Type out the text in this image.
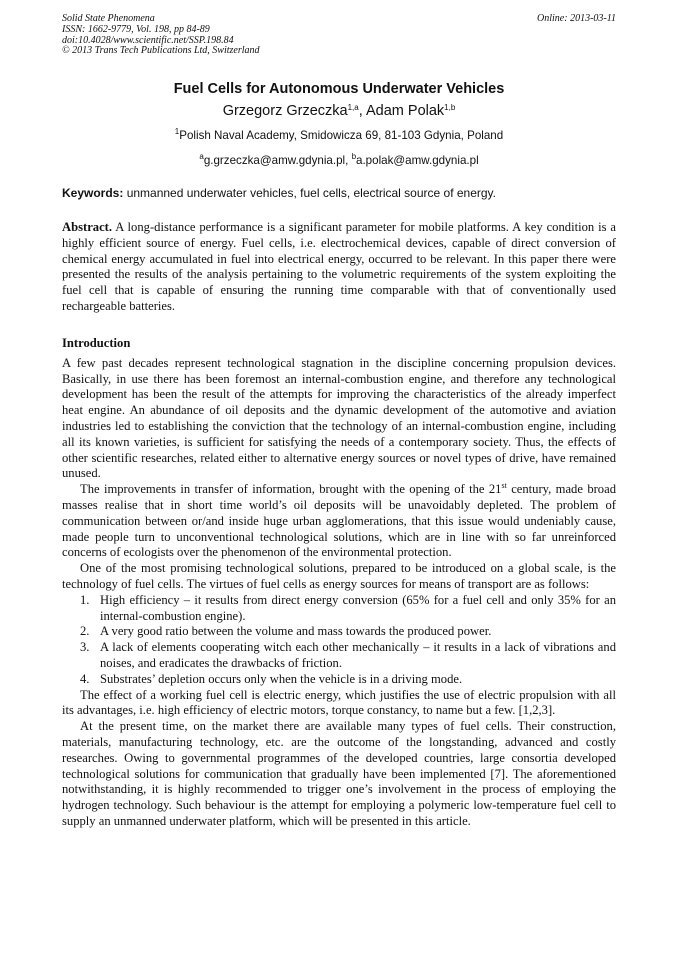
Solid State Phenomena
ISSN: 1662-9779, Vol. 198, pp 84-89
doi:10.4028/www.scientific.net/SSP.198.84
© 2013 Trans Tech Publications Ltd, Switzerland
Online: 2013-03-11
Fuel Cells for Autonomous Underwater Vehicles
Grzegorz Grzeczka$^{1,a}$, Adam Polak$^{1,b}$
$^1$Polish Naval Academy, Smidowicza 69, 81-103 Gdynia, Poland
$^a$g.grzeczka@amw.gdynia.pl, $^b$a.polak@amw.gdynia.pl
Keywords: unmanned underwater vehicles, fuel cells, electrical source of energy.

Abstract. A long-distance performance is a significant parameter for mobile platforms. A key condition is a highly efficient source of energy. Fuel cells, i.e. electrochemical devices, capable of direct conversion of chemical energy accumulated in fuel into electrical energy, occurred to be relevant. In this paper there were presented the results of the analysis pertaining to the volumetric requirements of the system exploiting the fuel cell that is capable of ensuring the running time comparable with that of conventionally used rechargeable batteries.

Introduction

A few past decades represent technological stagnation in the discipline concerning propulsion devices. Basically, in use there has been foremost an internal-combustion engine, and therefore any technological development has been the result of the attempts for improving the characteristics of the already imperfect heat engine. An abundance of oil deposits and the dynamic development of the automotive and aviation industries led to establishing the conviction that the technology of an internal-combustion engine, including all its known varieties, is sufficient for satisfying the needs of a contemporary society. Thus, the effects of other scientific researches, related either to alternative energy sources or novel types of drive, have remained unused.

The improvements in transfer of information, brought with the opening of the 21st century, made broad masses realise that in short time world’s oil deposits will be unavoidably depleted. The problem of communication between or/and inside huge urban agglomerations, that this issue would undeniably cause, made people turn to unconventional technological solutions, which are in line with so far unreinforced concerns of ecologists over the phenomenon of the environmental protection.

One of the most promising technological solutions, prepared to be introduced on a global scale, is the technology of fuel cells. The virtues of fuel cells as energy sources for means of transport are as follows:

1. High efficiency – it results from direct energy conversion (65% for a fuel cell and only 35% for an internal-combustion engine).
2. A very good ratio between the volume and mass towards the produced power.
3. A lack of elements cooperating witch each other mechanically – it results in a lack of vibrations and noises, and eradicates the drawbacks of friction.
4. Substrates’ depletion occurs only when the vehicle is in a driving mode.

The effect of a working fuel cell is electric energy, which justifies the use of electric propulsion with all its advantages, i.e. high efficiency of electric motors, torque constancy, to name but a few. [1,2,3].

At the present time, on the market there are available many types of fuel cells. Their construction, materials, manufacturing technology, etc. are the outcome of the longstanding, advanced and costly researches. Owing to governmental programmes of the developed countries, large consortia developed technological solutions for communication that gradually have been implemented [7]. The aforementioned notwithstanding, it is highly recommended to trigger one’s involvement in the process of employing the hydrogen technology. Such behaviour is the attempt for employing a polymeric low-temperature fuel cell to supply an unmanned underwater platform, which will be presented in this article.
